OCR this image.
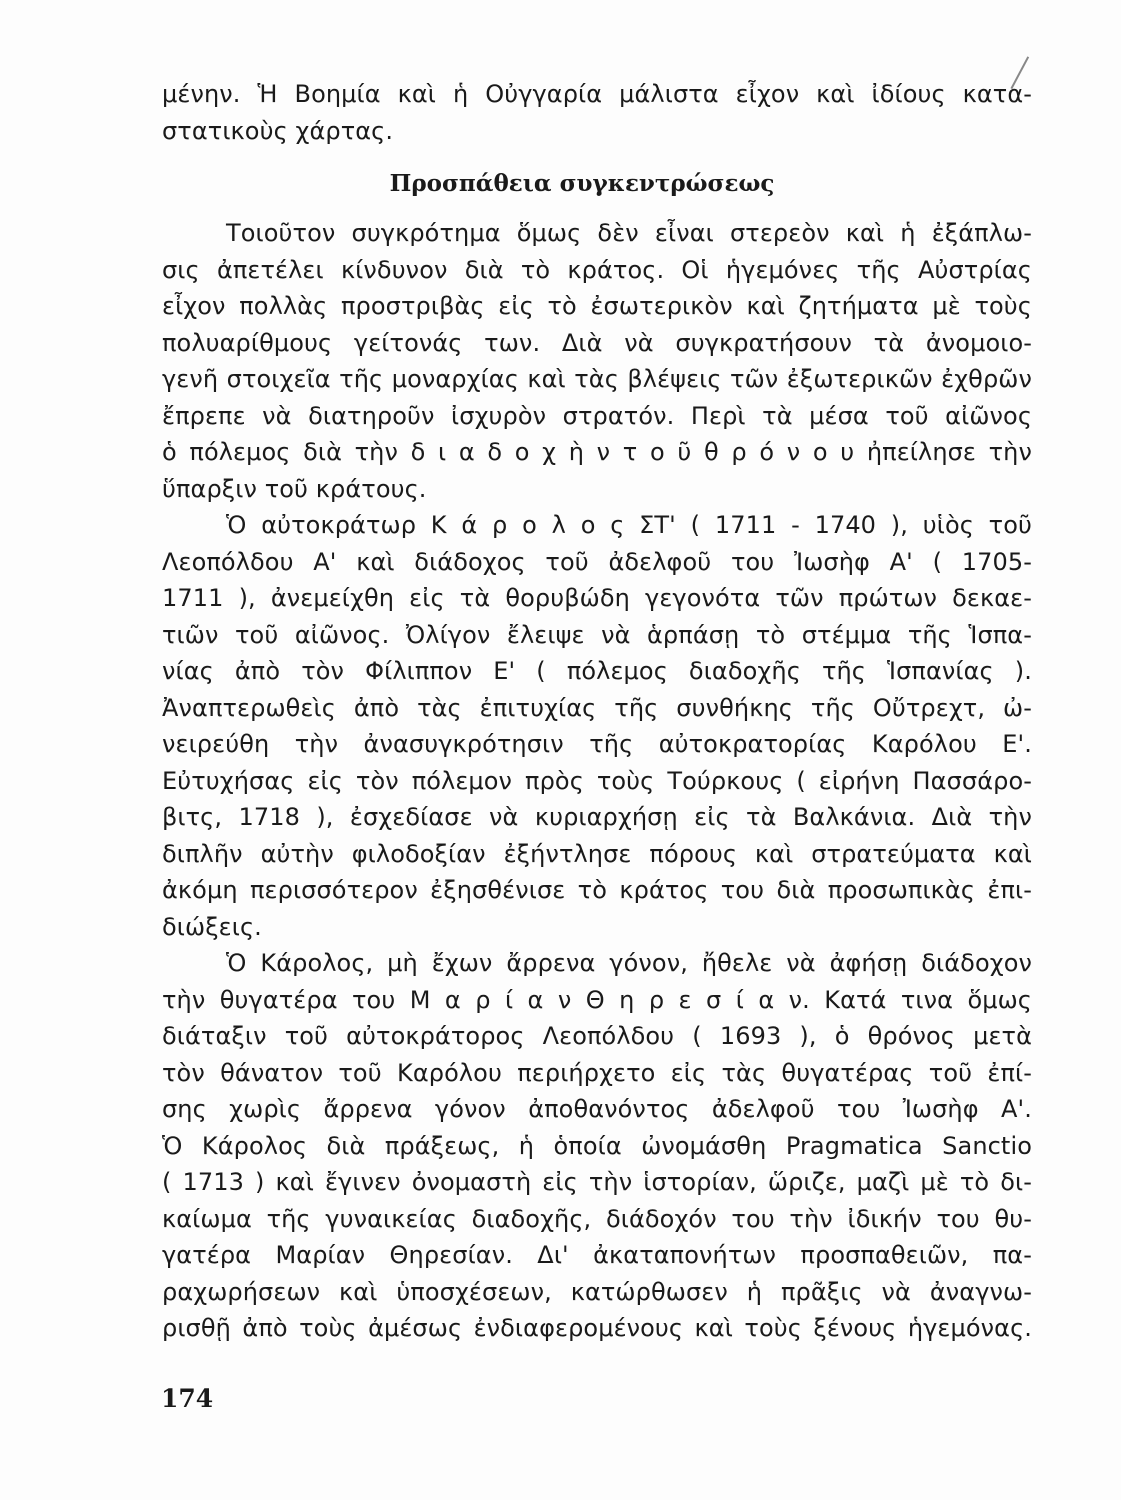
μένην. Ἡ Βοημία καὶ ἡ Οὐγγαρία μάλιστα εἶχον καὶ ἰδίους κατα-
στατικοὺς χάρτας.
Προσπάθεια συγκεντρώσεως
Τοιοῦτον συγκρότημα ὅμως δὲν εἶναι στερεὸν καὶ ἡ ἐξάπλω-
σις ἀπετέλει κίνδυνον διὰ τὸ κράτος. Οἱ ἡγεμόνες τῆς Αὐστρίας
εἶχον πολλὰς προστριβὰς εἰς τὸ ἐσωτερικὸν καὶ ζητήματα μὲ τοὺς
πολυαρίθμους γείτονάς των. Διὰ νὰ συγκρατήσουν τὰ ἀνομοιο-
γενῆ στοιχεῖα τῆς μοναρχίας καὶ τὰς βλέψεις τῶν ἐξωτερικῶν ἐχθρῶν
ἔπρεπε νὰ διατηροῦν ἰσχυρὸν στρατόν. Περὶ τὰ μέσα τοῦ αἰῶνος
ὁ πόλεμος διὰ τὴν δ ι α δ ο χ ὴ ν τ ο ῦ θ ρ ό ν ο υ ἠπείλησε τὴν
ὕπαρξιν τοῦ κράτους.
Ὁ αὐτοκράτωρ Κ ά ρ ο λ ο ς ΣΤ' ( 1711 - 1740 ), υἱὸς τοῦ
Λεοπόλδου Α' καὶ διάδοχος τοῦ ἀδελφοῦ του Ἰωσὴφ Α' ( 1705-
1711 ), ἀνεμείχθη εἰς τὰ θορυβώδη γεγονότα τῶν πρώτων δεκαε-
τιῶν τοῦ αἰῶνος. Ὀλίγον ἔλειψε νὰ ἁρπάσῃ τὸ στέμμα τῆς Ἱσπα-
νίας ἀπὸ τὸν Φίλιππον Ε' ( πόλεμος διαδοχῆς τῆς Ἱσπανίας ).
Ἀναπτερωθεὶς ἀπὸ τὰς ἐπιτυχίας τῆς συνθήκης τῆς Οὔτρεχτ, ὠ-
νειρεύθη τὴν ἀνασυγκρότησιν τῆς αὐτοκρατορίας Καρόλου Ε'.
Εὐτυχήσας εἰς τὸν πόλεμον πρὸς τοὺς Τούρκους ( εἰρήνη Πασσάρο-
βιτς, 1718 ), ἐσχεδίασε νὰ κυριαρχήσῃ εἰς τὰ Βαλκάνια. Διὰ τὴν
διπλῆν αὐτὴν φιλοδοξίαν ἐξήντλησε πόρους καὶ στρατεύματα καὶ
ἀκόμη περισσότερον ἐξησθένισε τὸ κράτος του διὰ προσωπικὰς ἐπι-
διώξεις.
Ὁ Κάρολος, μὴ ἔχων ἄρρενα γόνον, ἤθελε νὰ ἀφήσῃ διάδοχον
τὴν θυγατέρα του Μ α ρ ί α ν Θ η ρ ε σ ί α ν. Κατά τινα ὅμως
διάταξιν τοῦ αὐτοκράτορος Λεοπόλδου ( 1693 ), ὁ θρόνος μετὰ
τὸν θάνατον τοῦ Καρόλου περιήρχετο εἰς τὰς θυγατέρας τοῦ ἐπί-
σης χωρὶς ἄρρενα γόνον ἀποθανόντος ἀδελφοῦ του Ἰωσὴφ Α'.
Ὁ Κάρολος διὰ πράξεως, ἡ ὁποία ὠνομάσθη Pragmatica Sanctio
( 1713 ) καὶ ἔγινεν ὀνομαστὴ εἰς τὴν ἱστορίαν, ὥριζε, μαζὶ μὲ τὸ δι-
καίωμα τῆς γυναικείας διαδοχῆς, διάδοχόν του τὴν ἰδικήν του θυ-
γατέρα Μαρίαν Θηρεσίαν. Δι' ἀκαταπονήτων προσπαθειῶν, πα-
ραχωρήσεων καὶ ὑποσχέσεων, κατώρθωσεν ἡ πρᾶξις νὰ ἀναγνω-
ρισθῇ ἀπὸ τοὺς ἀμέσως ἐνδιαφερομένους καὶ τοὺς ξένους ἡγεμόνας.
174
